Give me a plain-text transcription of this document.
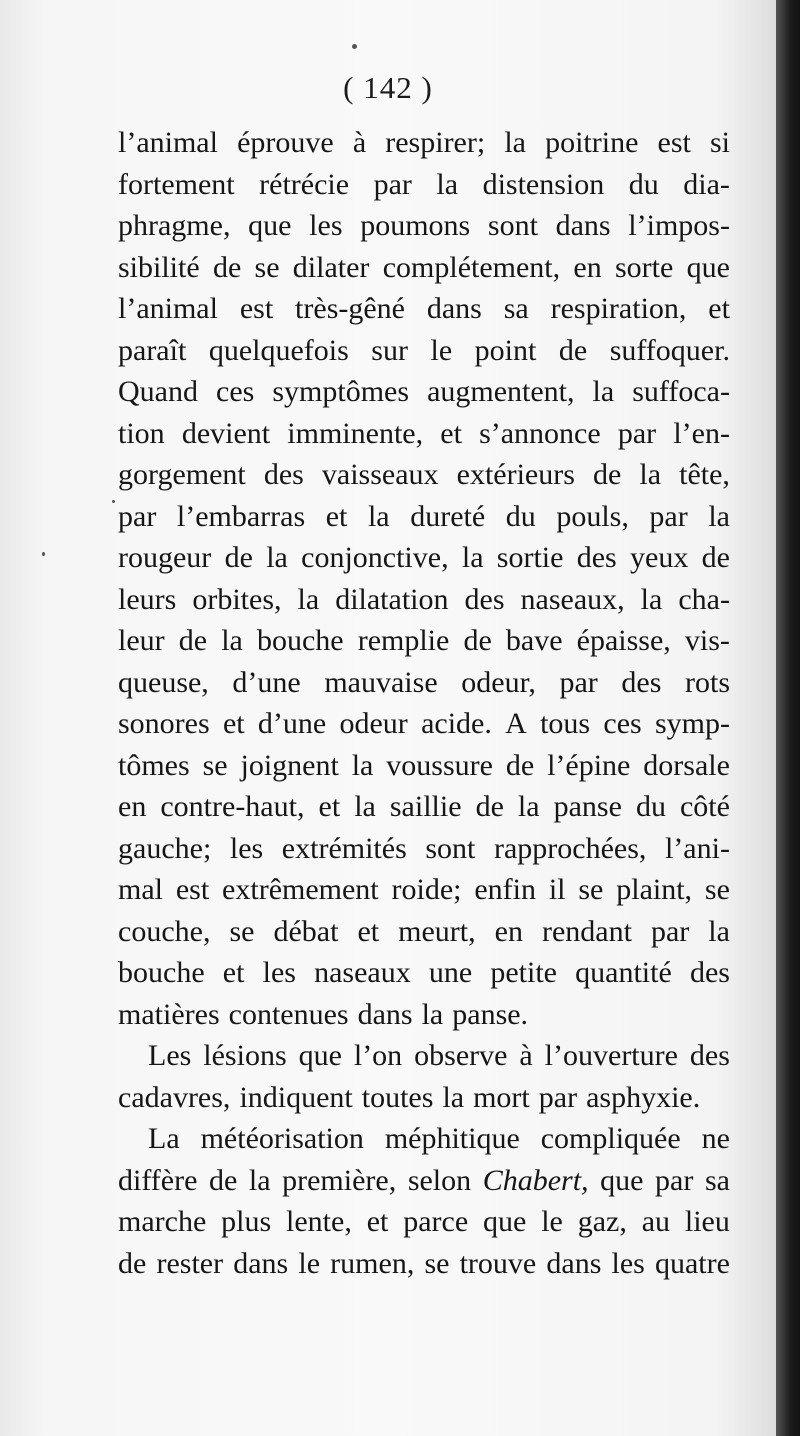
( 142 )
l’animal éprouve à respirer; la poitrine est si
fortement rétrécie par la distension du dia-
phragme, que les poumons sont dans l’impos-
sibilité de se dilater complétement, en sorte que
l’animal est très-gêné dans sa respiration, et
paraît quelquefois sur le point de suffoquer.
Quand ces symptômes augmentent, la suffoca-
tion devient imminente, et s’annonce par l’en-
gorgement des vaisseaux extérieurs de la tête,
par l’embarras et la dureté du pouls, par la
rougeur de la conjonctive, la sortie des yeux de
leurs orbites, la dilatation des naseaux, la cha-
leur de la bouche remplie de bave épaisse, vis-
queuse, d’une mauvaise odeur, par des rots
sonores et d’une odeur acide. A tous ces symp-
tômes se joignent la voussure de l’épine dorsale
en contre-haut, et la saillie de la panse du côté
gauche; les extrémités sont rapprochées, l’ani-
mal est extrêmement roide; enfin il se plaint, se
couche, se débat et meurt, en rendant par la
bouche et les naseaux une petite quantité des
matières contenues dans la panse.
Les lésions que l’on observe à l’ouverture des
cadavres, indiquent toutes la mort par asphyxie.
La météorisation méphitique compliquée ne
diffère de la première, selon Chabert, que par sa
marche plus lente, et parce que le gaz, au lieu
de rester dans le rumen, se trouve dans les quatre
